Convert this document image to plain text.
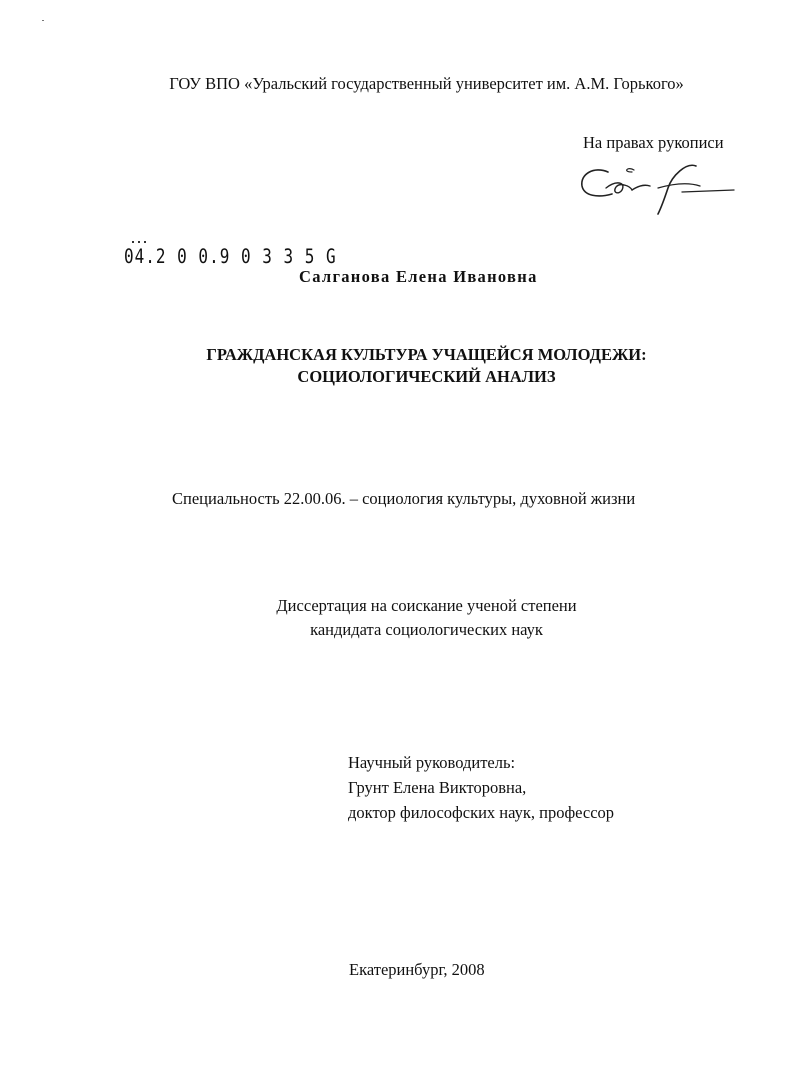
ГОУ ВПО «Уральский государственный университет им. А.М. Горького»
На правах рукописи
04.2 0 0.9 0 3 3 5 G
Салганова Елена Ивановна
ГРАЖДАНСКАЯ КУЛЬТУРА УЧАЩЕЙСЯ МОЛОДЕЖИ:
СОЦИОЛОГИЧЕСКИЙ АНАЛИЗ
Специальность 22.00.06. – социология культуры, духовной жизни
Диссертация на соискание ученой степени
кандидата социологических наук
Научный руководитель:
Грунт Елена Викторовна,
доктор философских наук, профессор
Екатеринбург, 2008
